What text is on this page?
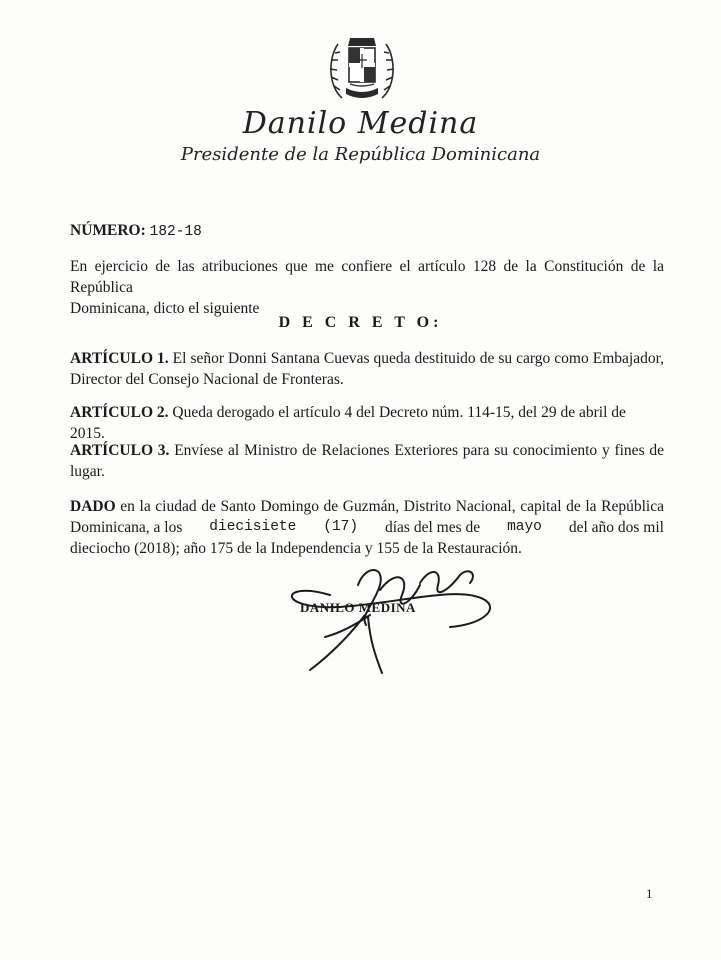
Danilo Medina
Presidente de la República Dominicana
NÚMERO: 182-18
En ejercicio de las atribuciones que me confiere el artículo 128 de la Constitución de la República
Dominicana, dicto el siguiente
D E C R E T O:
ARTÍCULO 1. El señor Donni Santana Cuevas queda destituido de su cargo como Embajador,
Director del Consejo Nacional de Fronteras.
ARTÍCULO 2. Queda derogado el artículo 4 del Decreto núm. 114-15, del 29 de abril de 2015.
ARTÍCULO 3. Envíese al Ministro de Relaciones Exteriores para su conocimiento y fines de
lugar.
DADO en la ciudad de Santo Domingo de Guzmán, Distrito Nacional, capital de la República
Dominicana, a los diecisiete (17) días del mes de mayo del año dos mil
dieciocho (2018); año 175 de la Independencia y 155 de la Restauración.
DANILO MEDINA
1
